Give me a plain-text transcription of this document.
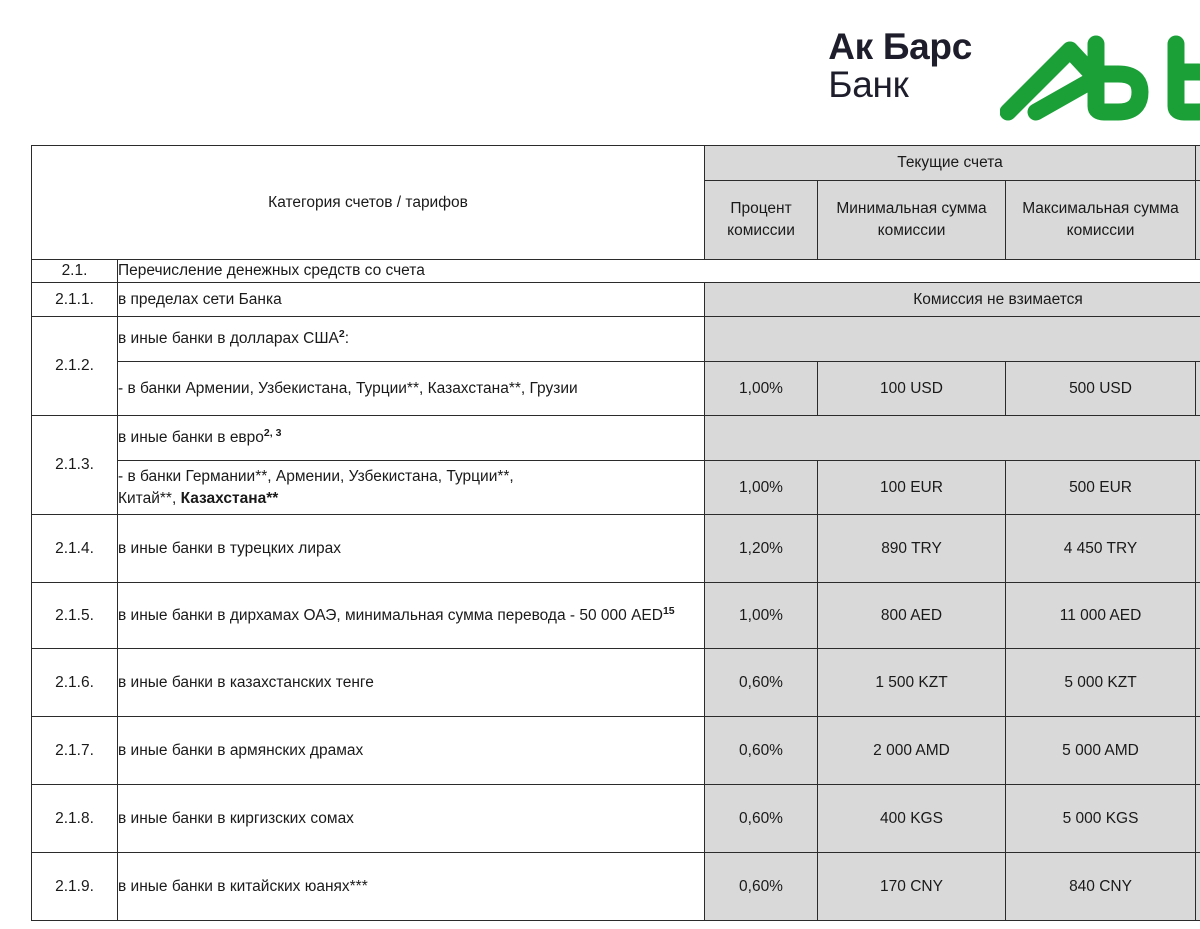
Ак Барс
Банк
Категория счетов / тарифов		Текущие счета			
		Процент комиссии	Минимальная сумма комиссии	Максимальная сумма комиссии	
2.1.	Перечисление денежных средств со счета				
2.1.1.	в пределах сети Банка	Комиссия не взимается			
2.1.2.	в иные банки в долларах США$^2$:				
	- в банки Армении, Узбекистана, Турции**, Казахстана**, Грузии	1,00%	100 USD	500 USD	
2.1.3.	в иные банки в евро$^{2, 3}$	

	- в банки Германии**, Армении, Узбекистана, Турции**,
Китай**, Казахстана**	1,00%	100 EUR	500 EUR	
2.1.4.	в иные банки в турецких лирах	1,20%	890 TRY	4 450 TRY	
2.1.5.	в иные банки в дирхамах ОАЭ, минимальная сумма перевода - 50 000 AED$^{15}$	1,00%	800 AED	11 000 AED	
2.1.6.	в иные банки в казахстанских тенге	0,60%	1 500 KZT	5 000 KZT	
2.1.7.	в иные банки в армянских драмах	0,60%	2 000 AMD	5 000 AMD	
2.1.8.	в иные банки в киргизских сомах	0,60%	400 KGS	5 000 KGS	
2.1.9.	в иные банки в китайских юанях***	0,60%	170 CNY	840 CNY	
